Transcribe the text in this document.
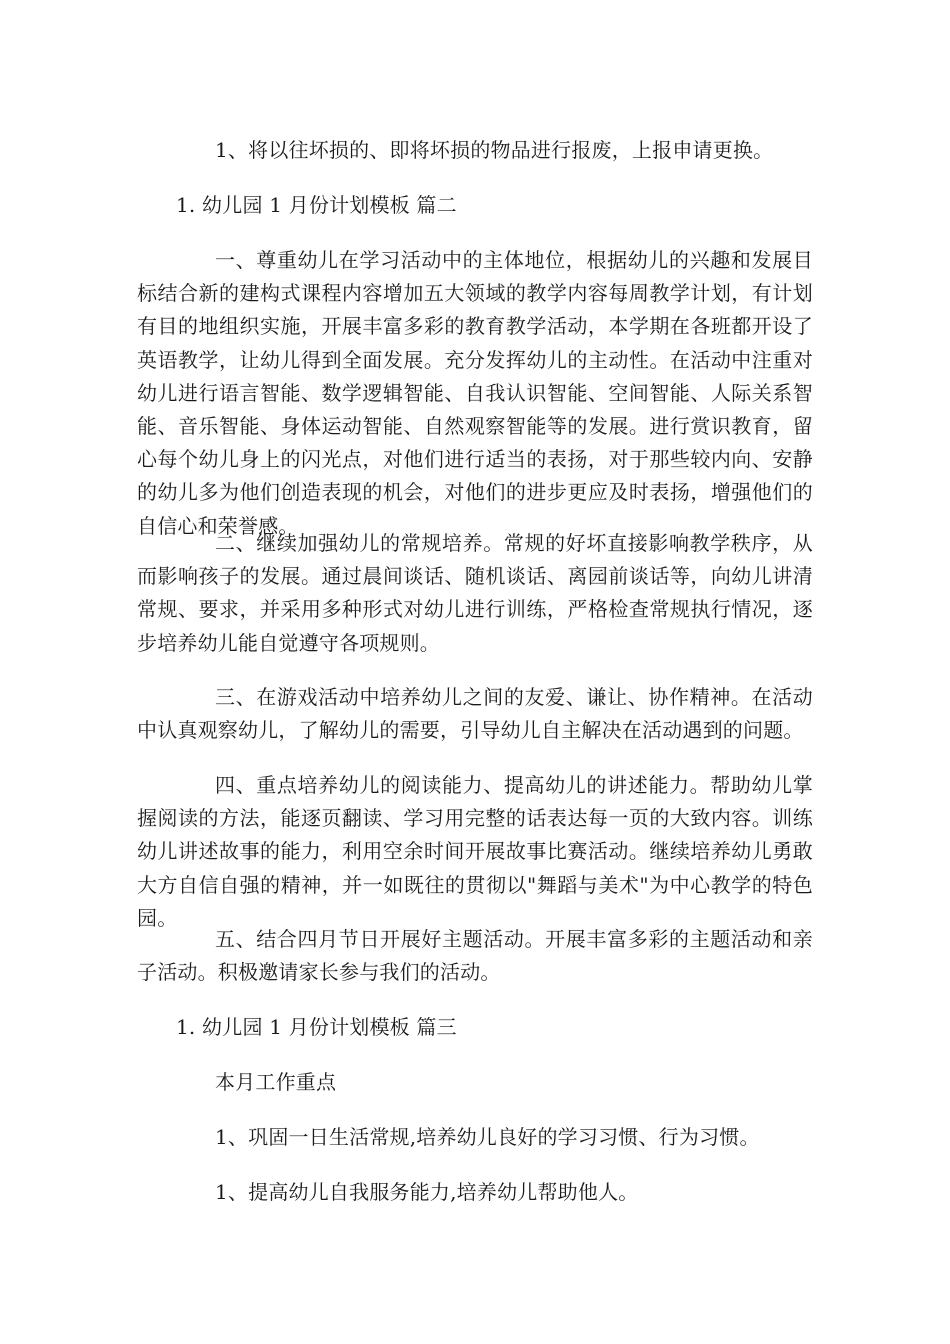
1、将以往坏损的、即将坏损的物品进行报废，上报申请更换。
1. 幼儿园 1 月份计划模板 篇二
一、尊重幼儿在学习活动中的主体地位，根据幼儿的兴趣和发展目标结合新的建构式课程内容增加五大领域的教学内容每周教学计划，有计划有目的地组织实施，开展丰富多彩的教育教学活动，本学期在各班都开设了英语教学，让幼儿得到全面发展。充分发挥幼儿的主动性。在活动中注重对幼儿进行语言智能、数学逻辑智能、自我认识智能、空间智能、人际关系智能、音乐智能、身体运动智能、自然观察智能等的发展。进行赏识教育，留心每个幼儿身上的闪光点，对他们进行适当的表扬，对于那些较内向、安静的幼儿多为他们创造表现的机会，对他们的进步更应及时表扬，增强他们的自信心和荣誉感。
二、继续加强幼儿的常规培养。常规的好坏直接影响教学秩序，从而影响孩子的发展。通过晨间谈话、随机谈话、离园前谈话等，向幼儿讲清常规、要求，并采用多种形式对幼儿进行训练，严格检查常规执行情况，逐步培养幼儿能自觉遵守各项规则。
三、在游戏活动中培养幼儿之间的友爱、谦让、协作精神。在活动中认真观察幼儿，了解幼儿的需要，引导幼儿自主解决在活动遇到的问题。
四、重点培养幼儿的阅读能力、提高幼儿的讲述能力。帮助幼儿掌握阅读的方法，能逐页翻读、学习用完整的话表达每一页的大致内容。训练幼儿讲述故事的能力，利用空余时间开展故事比赛活动。继续培养幼儿勇敢大方自信自强的精神，并一如既往的贯彻以"舞蹈与美术"为中心教学的特色园。
五、结合四月节日开展好主题活动。开展丰富多彩的主题活动和亲子活动。积极邀请家长参与我们的活动。
1. 幼儿园 1 月份计划模板 篇三
本月工作重点
1、巩固一日生活常规,培养幼儿良好的学习习惯、行为习惯。
1、提高幼儿自我服务能力,培养幼儿帮助他人。
